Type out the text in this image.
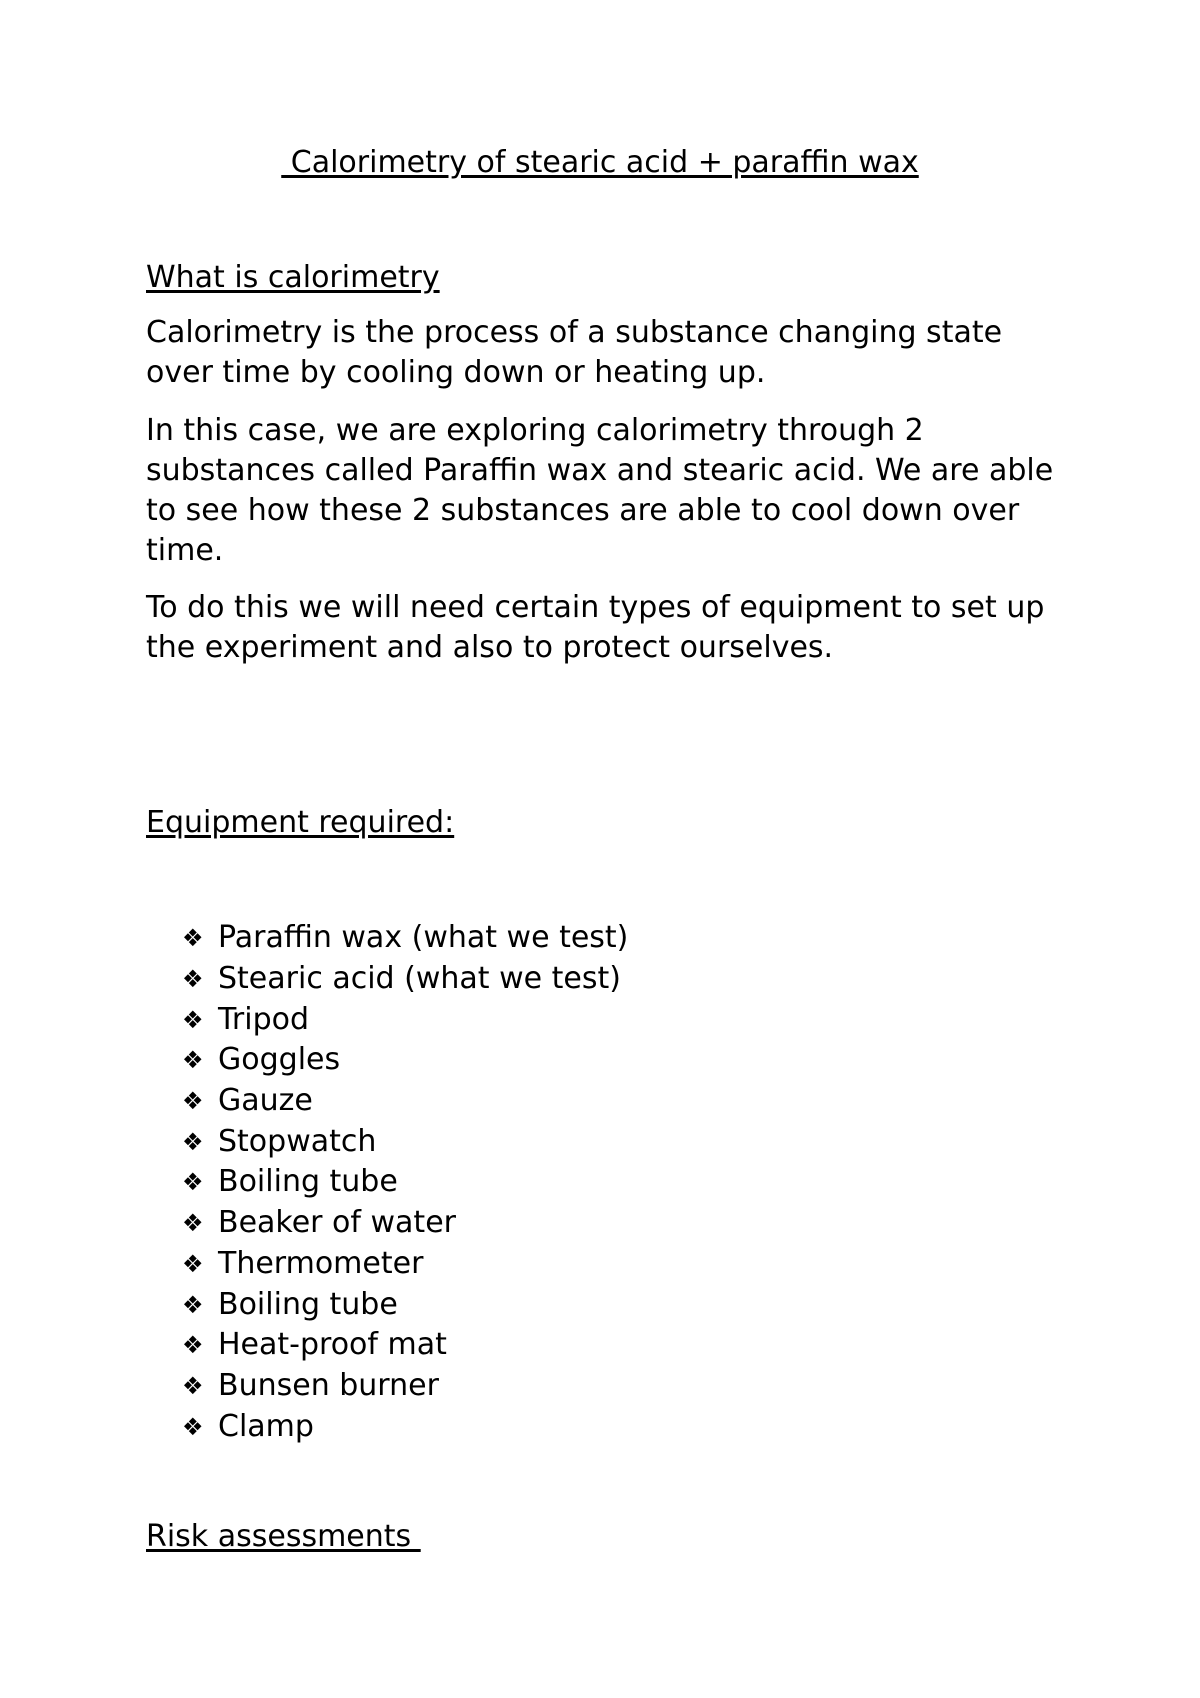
Calorimetry of stearic acid + paraffin wax
What is calorimetry

Calorimetry is the process of a substance changing state over time by cooling down or heating up.

In this case, we are exploring calorimetry through 2 substances called Paraffin wax and stearic acid. We are able to see how these 2 substances are able to cool down over time.

To do this we will need certain types of equipment to set up the experiment and also to protect ourselves.

Equipment required:
❖ Paraffin wax (what we test)
❖ Stearic acid (what we test)
❖ Tripod
❖ Goggles
❖ Gauze
❖ Stopwatch
❖ Boiling tube
❖ Beaker of water
❖ Thermometer
❖ Boiling tube
❖ Heat-proof mat
❖ Bunsen burner
❖ Clamp
Risk assessments
